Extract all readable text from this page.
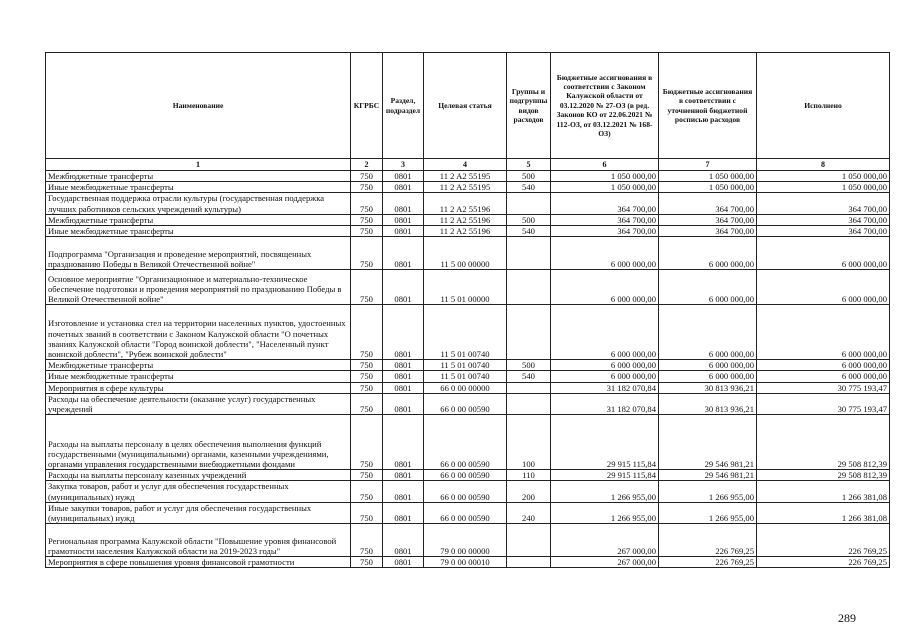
Наименование	КГРБС	Раздел, подраздел	Целевая статья	Группы и подгруппы видов расходов	Бюджетные ассигнования в соответствии с Законом Калужской области от 03.12.2020 № 27-ОЗ (в ред. Законов КО от 22.06.2021 № 112-ОЗ, от 03.12.2021 № 168-ОЗ)	Бюджетные ассигнования в соответствии с уточненной бюджетной росписью расходов	Исполнено
1	2	3	4	5	6	7	8
Межбюджетные трансферты	750	0801	11 2 A2 55195	500	1 050 000,00	1 050 000,00	1 050 000,00
Иные межбюджетные трансферты	750	0801	11 2 A2 55195	540	1 050 000,00	1 050 000,00	1 050 000,00
Государственная поддержка отрасли культуры (государственная поддержка лучших работников сельских учреждений культуры)	750	0801	11 2 A2 55196		364 700,00	364 700,00	364 700,00
Межбюджетные трансферты	750	0801	11 2 A2 55196	500	364 700,00	364 700,00	364 700,00
Иные межбюджетные трансферты	750	0801	11 2 A2 55196	540	364 700,00	364 700,00	364 700,00
Подпрограмма "Организация и проведение мероприятий, посвященных празднованию Победы в Великой Отечественной войне"	750	0801	11 5 00 00000		6 000 000,00	6 000 000,00	6 000 000,00
Основное мероприятие "Организационное и материально-техническое обеспечение подготовки и проведения мероприятий по празднованию Победы в Великой Отечественной войне"	750	0801	11 5 01 00000		6 000 000,00	6 000 000,00	6 000 000,00
Изготовление и установка стел на территории населенных пунктов, удостоенных почетных званий в соответствии с Законом Калужской области "О почетных званиях Калужской области "Город воинской доблести", "Населенный пункт воинской доблести", "Рубеж воинской доблести"	750	0801	11 5 01 00740		6 000 000,00	6 000 000,00	6 000 000,00
Межбюджетные трансферты	750	0801	11 5 01 00740	500	6 000 000,00	6 000 000,00	6 000 000,00
Иные межбюджетные трансферты	750	0801	11 5 01 00740	540	6 000 000,00	6 000 000,00	6 000 000,00
Мероприятия в сфере культуры	750	0801	66 0 00 00000		31 182 070,84	30 813 936,21	30 775 193,47
Расходы на обеспечение деятельности (оказание услуг) государственных учреждений	750	0801	66 0 00 00590		31 182 070,84	30 813 936,21	30 775 193,47
Расходы на выплаты персоналу в целях обеспечения выполнения функций государственными (муниципальными) органами, казенными учреждениями, органами управления государственными внебюджетными фондами	750	0801	66 0 00 00590	100	29 915 115,84	29 546 981,21	29 508 812,39
Расходы на выплаты персоналу казенных учреждений	750	0801	66 0 00 00590	110	29 915 115,84	29 546 981,21	29 508 812,39
Закупка товаров, работ и услуг для обеспечения государственных (муниципальных) нужд	750	0801	66 0 00 00590	200	1 266 955,00	1 266 955,00	1 266 381,08
Иные закупки товаров, работ и услуг для обеспечения государственных (муниципальных) нужд	750	0801	66 0 00 00590	240	1 266 955,00	1 266 955,00	1 266 381,08
Региональная программа Калужской области "Повышение уровня финансовой грамотности населения Калужской области на 2019-2023 годы"	750	0801	79 0 00 00000		267 000,00	226 769,25	226 769,25
Мероприятия в сфере повышения уровня финансовой грамотности	750	0801	79 0 00 00010		267 000,00	226 769,25	226 769,25
289
